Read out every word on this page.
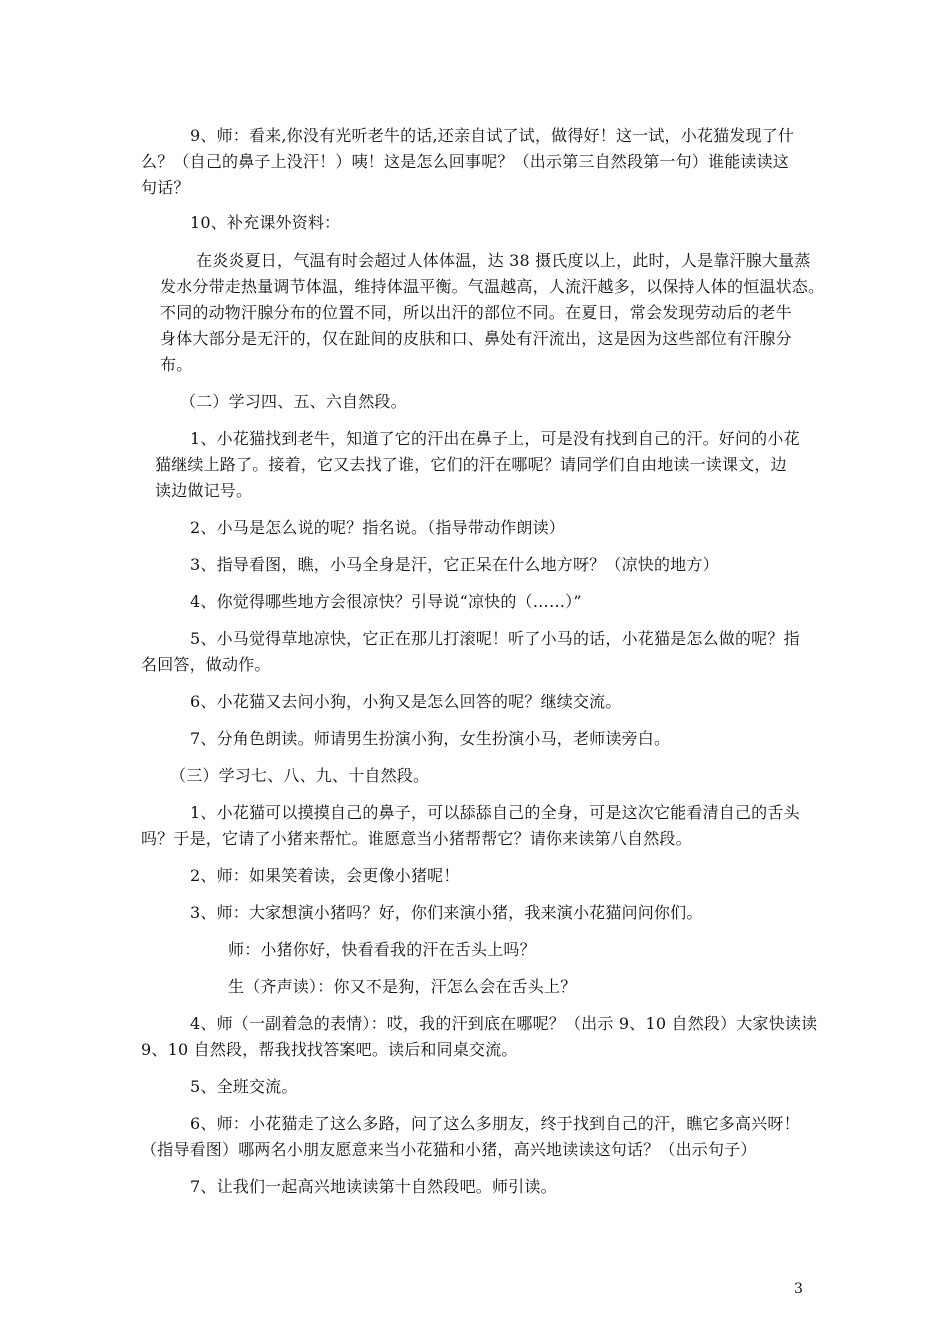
9、师：看来,你没有光听老牛的话,还亲自试了试，做得好！这一试，小花猫发现了什
么？（自己的鼻子上没汗！）咦！这是怎么回事呢？（出示第三自然段第一句）谁能读读这
句话？
10、补充课外资料：
在炎炎夏日，气温有时会超过人体体温，达 38 摄氏度以上，此时，人是靠汗腺大量蒸
发水分带走热量调节体温，维持体温平衡。气温越高，人流汗越多，以保持人体的恒温状态。
不同的动物汗腺分布的位置不同，所以出汗的部位不同。在夏日，常会发现劳动后的老牛
身体大部分是无汗的，仅在趾间的皮肤和口、鼻处有汗流出，这是因为这些部位有汗腺分
布。
（二）学习四、五、六自然段。
1、小花猫找到老牛，知道了它的汗出在鼻子上，可是没有找到自己的汗。好问的小花
猫继续上路了。接着，它又去找了谁，它们的汗在哪呢？请同学们自由地读一读课文，边
读边做记号。
2、小马是怎么说的呢？指名说。（指导带动作朗读）
3、指导看图，瞧，小马全身是汗，它正呆在什么地方呀？（凉快的地方）
4、你觉得哪些地方会很凉快？引导说“凉快的（……）”
5、小马觉得草地凉快，它正在那儿打滚呢！听了小马的话，小花猫是怎么做的呢？指
名回答，做动作。
6、小花猫又去问小狗，小狗又是怎么回答的呢？继续交流。
7、分角色朗读。师请男生扮演小狗，女生扮演小马，老师读旁白。
（三）学习七、八、九、十自然段。
1、小花猫可以摸摸自己的鼻子，可以舔舔自己的全身，可是这次它能看清自己的舌头
吗？于是，它请了小猪来帮忙。谁愿意当小猪帮帮它？请你来读第八自然段。
2、师：如果笑着读，会更像小猪呢！
3、师：大家想演小猪吗？好，你们来演小猪，我来演小花猫问问你们。
师：小猪你好，快看看我的汗在舌头上吗？
生（齐声读）：你又不是狗，汗怎么会在舌头上？
4、师（一副着急的表情）：哎，我的汗到底在哪呢？（出示 9、10 自然段）大家快读读
9、10 自然段，帮我找找答案吧。读后和同桌交流。
5、全班交流。
6、师：小花猫走了这么多路，问了这么多朋友，终于找到自己的汗，瞧它多高兴呀！
（指导看图）哪两名小朋友愿意来当小花猫和小猪，高兴地读读这句话？（出示句子）
7、让我们一起高兴地读读第十自然段吧。师引读。
3
